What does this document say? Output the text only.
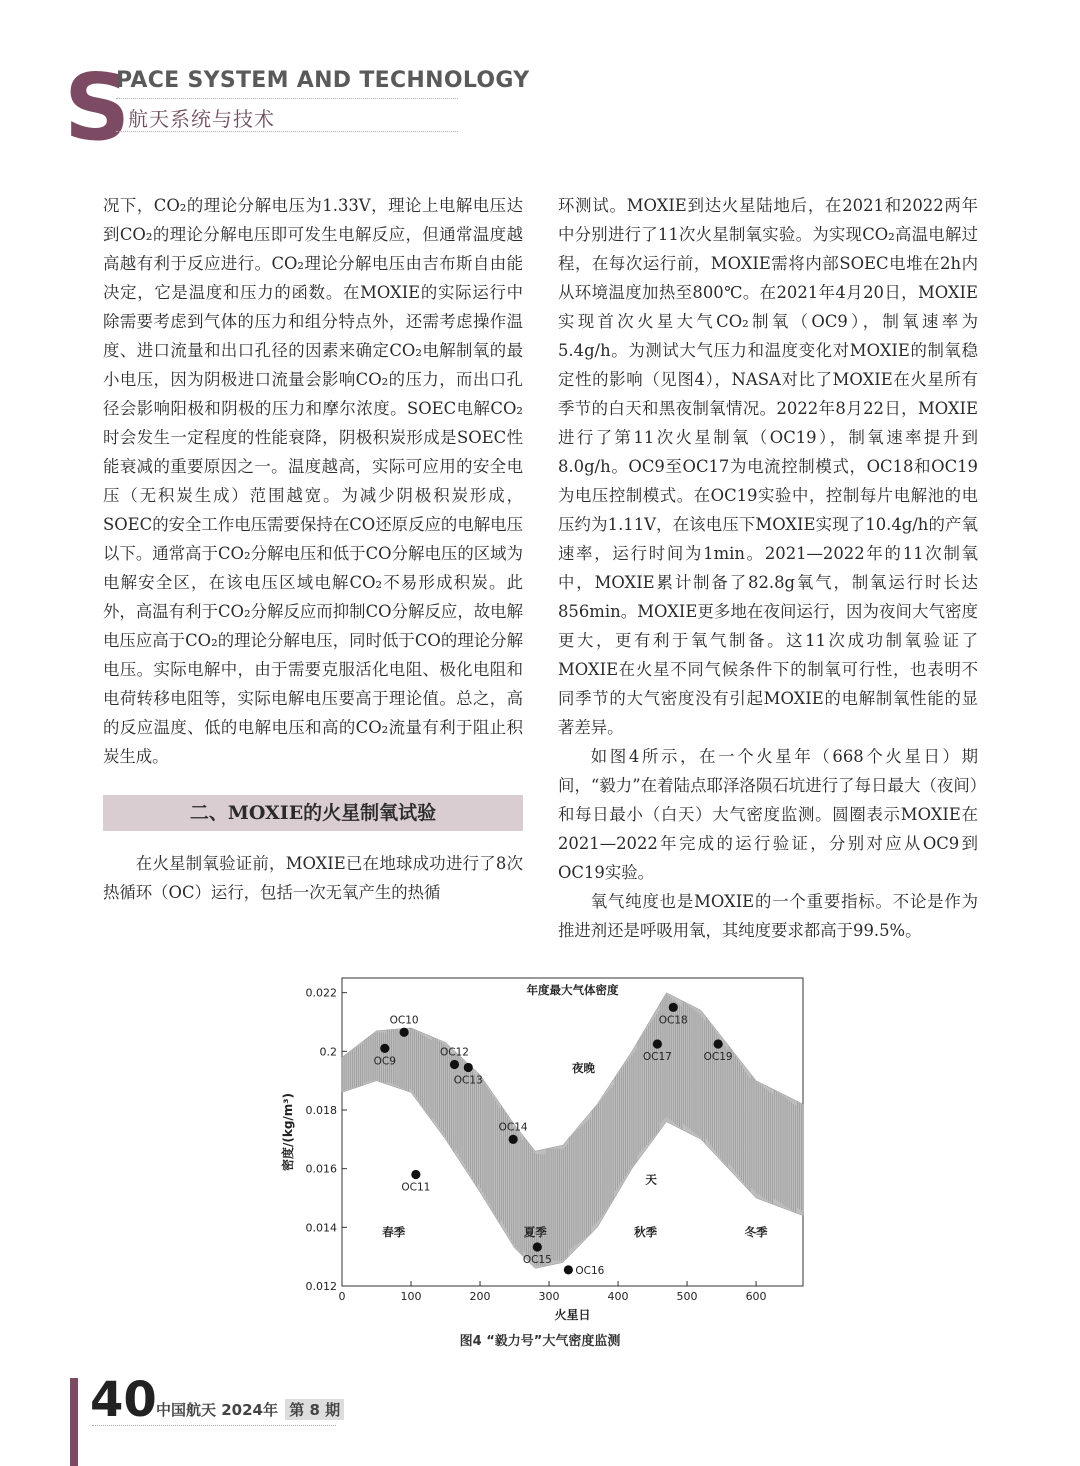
S
PACE SYSTEM AND TECHNOLOGY
航天系统与技术

况下，CO₂的理论分解电压为1.33V，理论上电解电压达到CO₂的理论分解电压即可发生电解反应，但通常温度越高越有利于反应进行。CO₂理论分解电压由吉布斯自由能决定，它是温度和压力的函数。在MOXIE的实际运行中除需要考虑到气体的压力和组分特点外，还需考虑操作温度、进口流量和出口孔径的因素来确定CO₂电解制氧的最小电压，因为阴极进口流量会影响CO₂的压力，而出口孔径会影响阳极和阴极的压力和摩尔浓度。SOEC电解CO₂时会发生一定程度的性能衰降，阴极积炭形成是SOEC性能衰减的重要原因之一。温度越高，实际可应用的安全电压（无积炭生成）范围越宽。为减少阴极积炭形成，SOEC的安全工作电压需要保持在CO还原反应的电解电压以下。通常高于CO₂分解电压和低于CO分解电压的区域为电解安全区，在该电压区域电解CO₂不易形成积炭。此外，高温有利于CO₂分解反应而抑制CO分解反应，故电解电压应高于CO₂的理论分解电压，同时低于CO的理论分解电压。实际电解中，由于需要克服活化电阻、极化电阻和电荷转移电阻等，实际电解电压要高于理论值。总之，高的反应温度、低的电解电压和高的CO₂流量有利于阻止积炭生成。

二、MOXIE的火星制氧试验

在火星制氧验证前，MOXIE已在地球成功进行了8次热循环（OC）运行，包括一次无氧产生的热循

环测试。MOXIE到达火星陆地后，在2021和2022两年中分别进行了11次火星制氧实验。为实现CO₂高温电解过程，在每次运行前，MOXIE需将内部SOEC电堆在2h内从环境温度加热至800℃。在2021年4月20日，MOXIE实现首次火星大气CO₂制氧（OC9），制氧速率为5.4g/h。为测试大气压力和温度变化对MOXIE的制氧稳定性的影响（见图4），NASA对比了MOXIE在火星所有季节的白天和黑夜制氧情况。2022年8月22日，MOXIE进行了第11次火星制氧（OC19），制氧速率提升到8.0g/h。OC9至OC17为电流控制模式，OC18和OC19为电压控制模式。在OC19实验中，控制每片电解池的电压约为1.11V，在该电压下MOXIE实现了10.4g/h的产氧速率，运行时间为1min。2021—2022年的11次制氧中，MOXIE累计制备了82.8g氧气，制氧运行时长达856min。MOXIE更多地在夜间运行，因为夜间大气密度更大，更有利于氧气制备。这11次成功制氧验证了MOXIE在火星不同气候条件下的制氧可行性，也表明不同季节的大气密度没有引起MOXIE的电解制氧性能的显著差异。

如图4所示，在一个火星年（668个火星日）期间，“毅力”在着陆点耶泽洛陨石坑进行了每日最大（夜间）和每日最小（白天）大气密度监测。圆圈表示MOXIE在2021—2022年完成的运行验证，分别对应从OC9到OC19实验。

氧气纯度也是MOXIE的一个重要指标。不论是作为推进剂还是呼吸用氧，其纯度要求都高于99.5%。

0	100	200	300	400	500	600
0.012
0.014
0.016
0.018
0.2
0.022	年度最大气体密度
火星日
密度/(kg/m³)
夜晚
天
春季	夏季	秋季	冬季
OC9
OC10
OC11
OC12
OC13
OC14
OC15
OC16
OC17
OC18
OC19
图4 “毅力号”大气密度监测
40 中国航天 2024年 第 8 期
